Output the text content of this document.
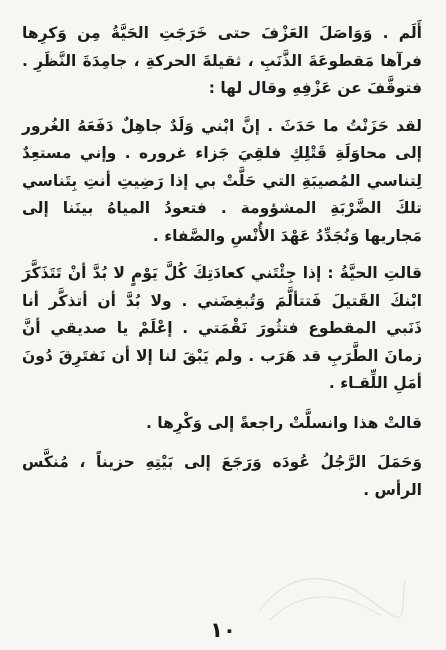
أَلَم . وَوَاصَلَ العَزْفَ حتى خَرَجَتِ الحَيَّةُ مِن وَكرِها فرآها مَقطوعَةَ الذَّنَبِ ، ثقيلةَ الحركةِ ، جامِدَةَ النَّظَرِ . فتوقَّفَ عن عَزْفِهِ وقال لها :

لقد حَزَنْتُ ما حَدَثَ . إنَّ ابْني وَلَدٌ جاهِلٌ دَفَعَهُ الغُرور إلى محاوَلَةِ قَتْلِكِ فلقِيَ جَزاء غروره . وإني مستعِدٌ لِتناسي المُصيبَةِ التي حَلَّتْ بي إذا رَضِيتِ أنتِ بِتَناسي تلكَ الضَّرْبَةِ المشؤومة . فتعودُ المياهُ بينَنا إلى مَجاريها وَنُجَدِّدُ عَهْدَ الأُنْسِ والصَّفاء .

قالتِ الحيَّةُ : إذا جِئْتَني كعادَتِكَ كُلَّ يَوْمٍ لا بُدَّ أنْ تَتَذَكَّرَ ابْنكَ القَتيلَ فَتتألَّمَ وَتُبغِضَني . ولا بُدَّ أن أتذكَّر أنا ذَنَبي المقطوع فتثُورَ نَقْمَتي . إعْلَمْ يا صديقي أنَّ زمانَ الطَّرَبِ قد هَرَب . ولم يَبْقَ لنا إلا أن نَفتَرِقَ دُونَ أمَلِ اللِّقـاء .

قالتْ هذا وانسلَّتْ راجعةً إلى وَكْرِها .

وَحَمَلَ الرَّجُلُ عُودَه وَرَجَعَ إلى بَيْتِهِ حزيناً ، مُنكَّس الرأس .

١٠
